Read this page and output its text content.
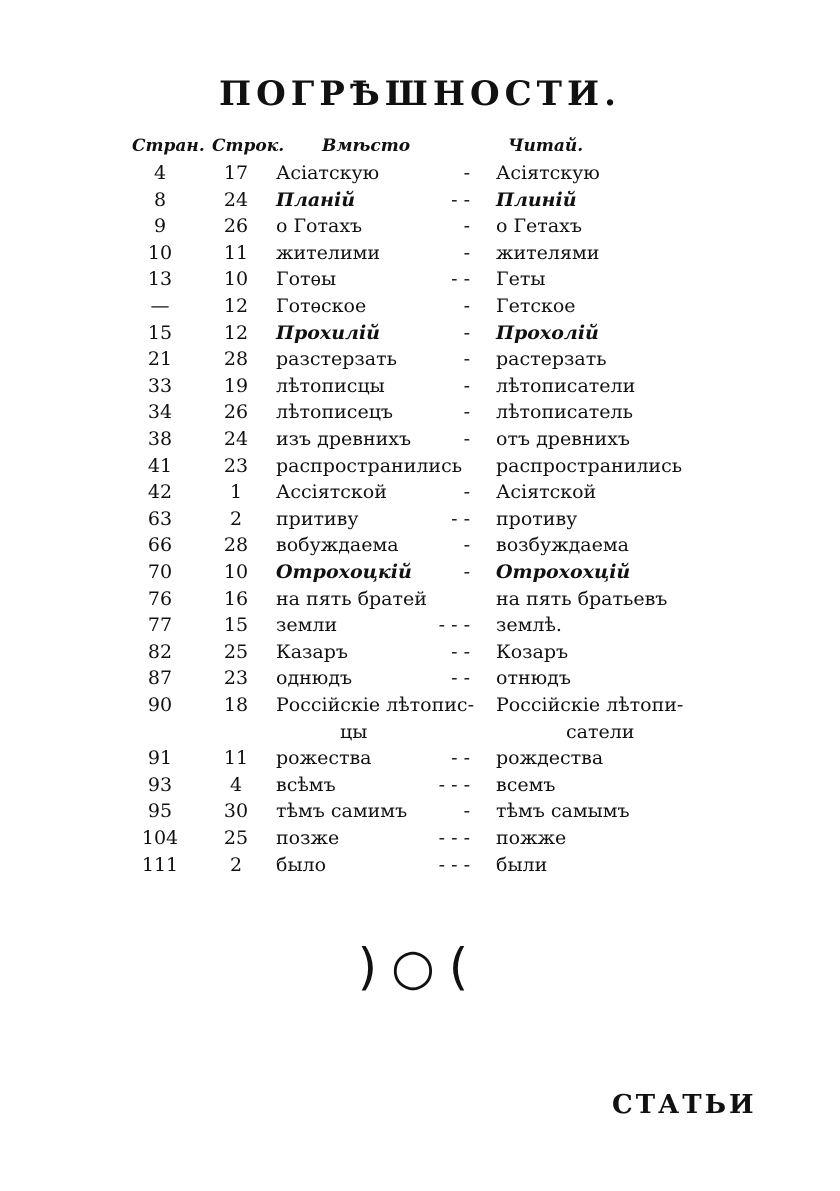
ПОГРѢШНОСТИ.
Стран. Строк. Вмѣсто	Читай.
4	17	Асіатскую	- Асіятскую
8	24	Планій	- - Плиній
9	26	о Готахъ	- о Гетахъ
10	11	жителими	- жителями
13	10	Готѳы	- - Геты
—	12	Готѳское	- Гетское
15	12	Прохилій	- Прохолій
21	28	разстерзать	- растерзать
33	19	лѣтописцы	- лѣтописатели
34	26	лѣтописецъ	- лѣтописатель
38	24	изъ древнихъ	- отъ древнихъ
41	23	распространились распространились
42	1	Ассіятской	- Асіятской
63	2	притиву	- - противу
66	28	вобуждаема	- возбуждаема
70	10	Отрохоцкій	- Отрохохцій
76	16	на пять братей	на пять братьевъ
77	15	земли	- - - землѣ.
82	25	Казаръ	- - Козаръ
87	23	однюдъ	- - отнюдъ
90	18	Россійскіе лѣтопис- Россійскіе лѣтопи-
цы	сатели
91	11	рожества	- - рождества
93	4	всѣмъ	- - - всемъ
95	30	тѣмъ самимъ	- тѣмъ самымъ
104	25	позже	- - - пожже
111	2	было	- - - были
)○(
СТАТЬИ
